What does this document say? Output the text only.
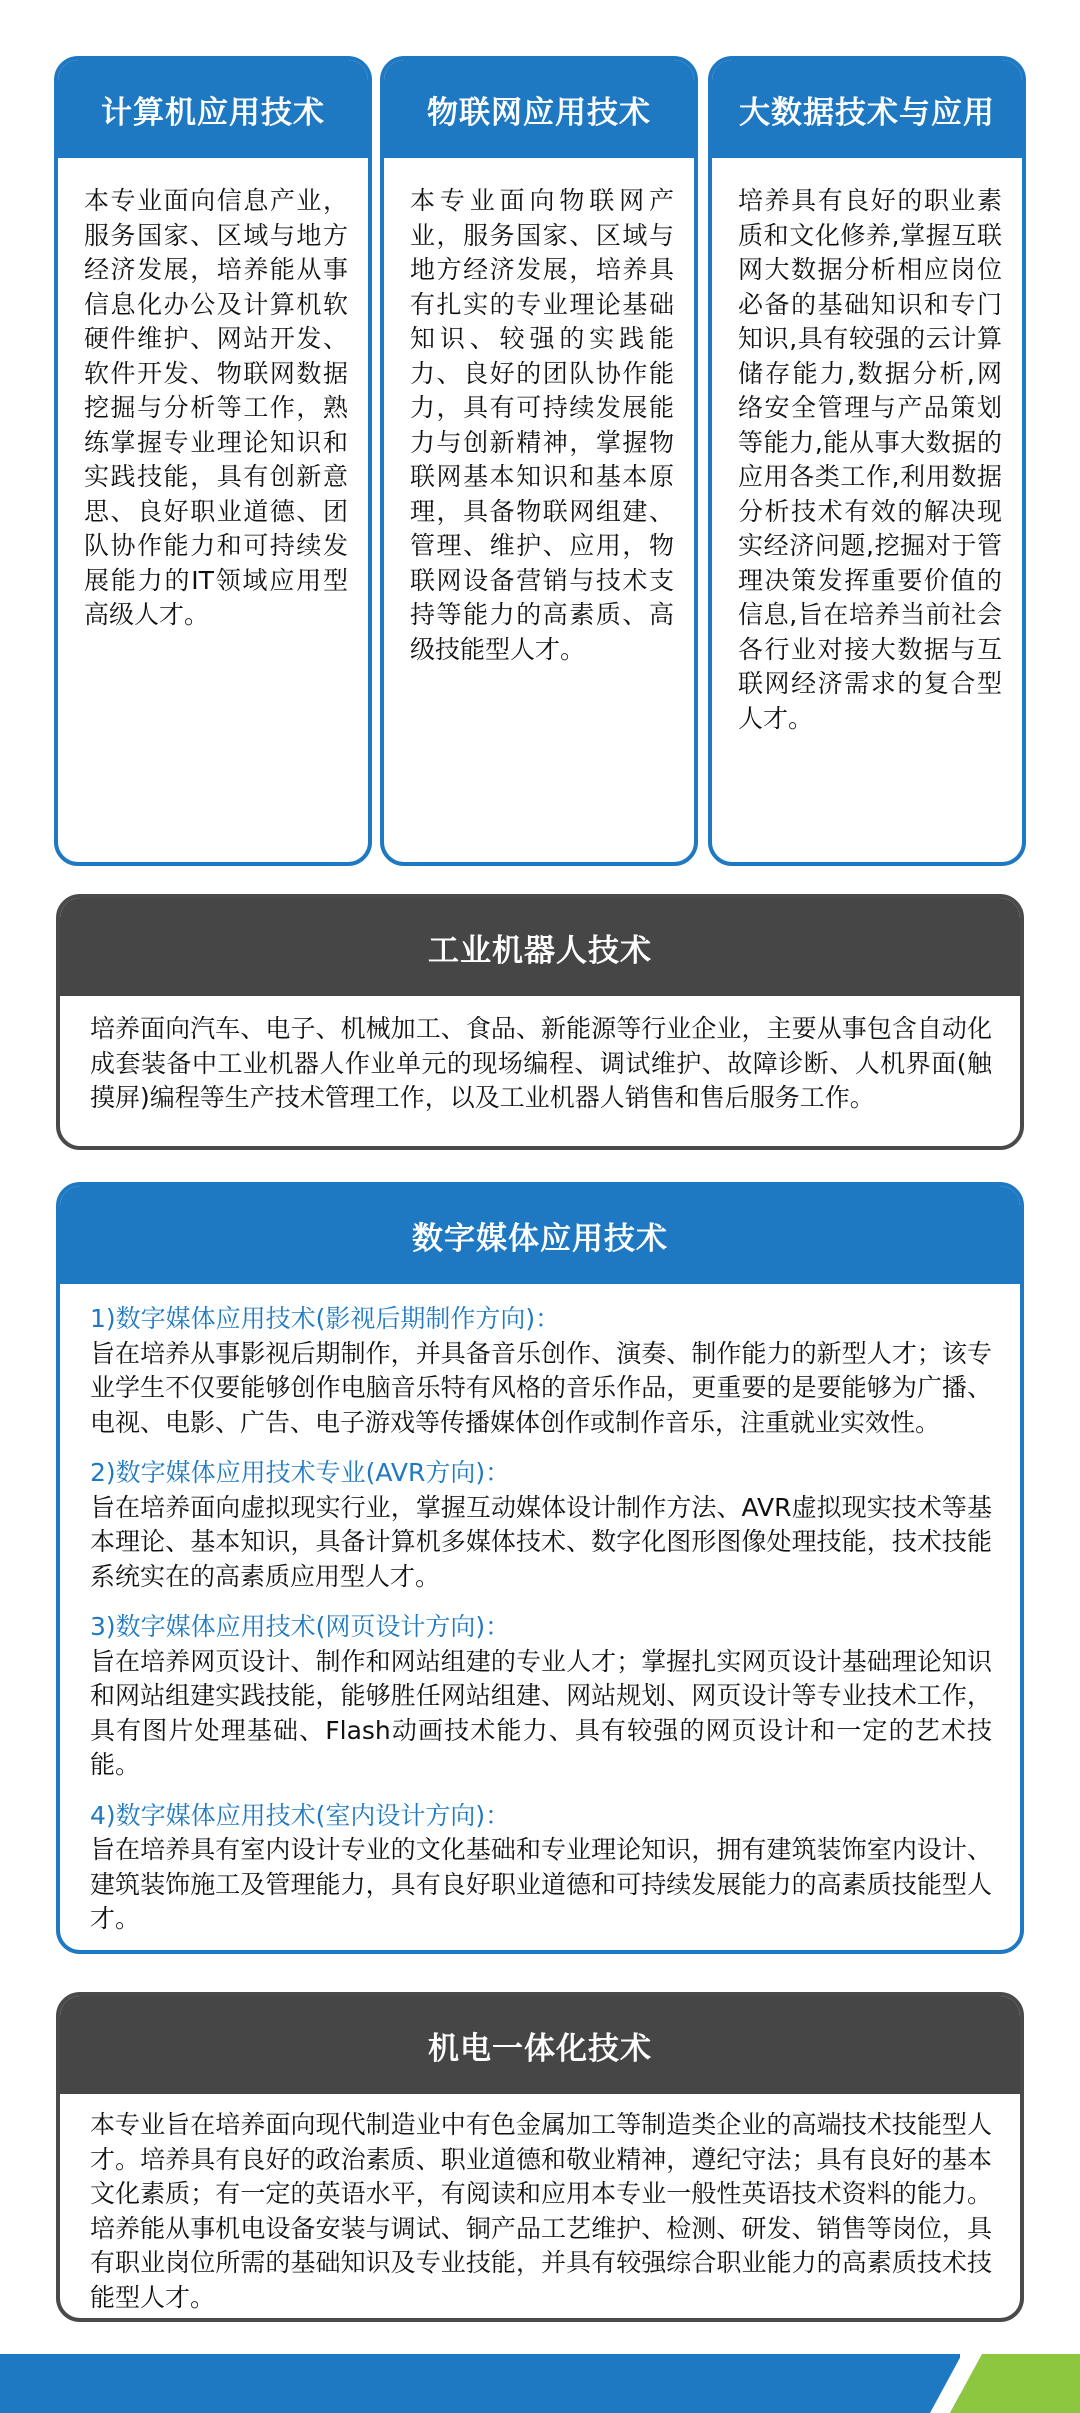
计算机应用技术

本专业面向信息产业，服务国家、区域与地方经济发展，培养能从事信息化办公及计算机软硬件维护、网站开发、软件开发、物联网数据挖掘与分析等工作，熟练掌握专业理论知识和实践技能，具有创新意思、良好职业道德、团队协作能力和可持续发展能力的IT领域应用型高级人才。

物联网应用技术

本专业面向物联网产业，服务国家、区域与地方经济发展，培养具有扎实的专业理论基础知识、较强的实践能力、良好的团队协作能力，具有可持续发展能力与创新精神，掌握物联网基本知识和基本原理，具备物联网组建、管理、维护、应用，物联网设备营销与技术支持等能力的高素质、高级技能型人才。

大数据技术与应用

培养具有良好的职业素质和文化修养,掌握互联网大数据分析相应岗位必备的基础知识和专门知识,具有较强的云计算储存能力,数据分析,网络安全管理与产品策划等能力,能从事大数据的应用各类工作,利用数据分析技术有效的解决现实经济问题,挖掘对于管理决策发挥重要价值的信息,旨在培养当前社会各行业对接大数据与互联网经济需求的复合型人才。

工业机器人技术

培养面向汽车、电子、机械加工、食品、新能源等行业企业，主要从事包含自动化成套装备中工业机器人作业单元的现场编程、调试维护、故障诊断、人机界面(触摸屏)编程等生产技术管理工作，以及工业机器人销售和售后服务工作。

数字媒体应用技术

1)数字媒体应用技术(影视后期制作方向)：

旨在培养从事影视后期制作，并具备音乐创作、演奏、制作能力的新型人才；该专业学生不仅要能够创作电脑音乐特有风格的音乐作品，更重要的是要能够为广播、电视、电影、广告、电子游戏等传播媒体创作或制作音乐，注重就业实效性。

2)数字媒体应用技术专业(AVR方向)：

旨在培养面向虚拟现实行业，掌握互动媒体设计制作方法、AVR虚拟现实技术等基本理论、基本知识，具备计算机多媒体技术、数字化图形图像处理技能，技术技能系统实在的高素质应用型人才。

3)数字媒体应用技术(网页设计方向)：

旨在培养网页设计、制作和网站组建的专业人才；掌握扎实网页设计基础理论知识和网站组建实践技能，能够胜任网站组建、网站规划、网页设计等专业技术工作，具有图片处理基础、Flash动画技术能力、具有较强的网页设计和一定的艺术技能。

4)数字媒体应用技术(室内设计方向)：

旨在培养具有室内设计专业的文化基础和专业理论知识，拥有建筑装饰室内设计、建筑装饰施工及管理能力，具有良好职业道德和可持续发展能力的高素质技能型人才。

机电一体化技术

本专业旨在培养面向现代制造业中有色金属加工等制造类企业的高端技术技能型人才。培养具有良好的政治素质、职业道德和敬业精神，遵纪守法；具有良好的基本文化素质；有一定的英语水平，有阅读和应用本专业一般性英语技术资料的能力。培养能从事机电设备安装与调试、铜产品工艺维护、检测、研发、销售等岗位，具有职业岗位所需的基础知识及专业技能，并具有较强综合职业能力的高素质技术技能型人才。
